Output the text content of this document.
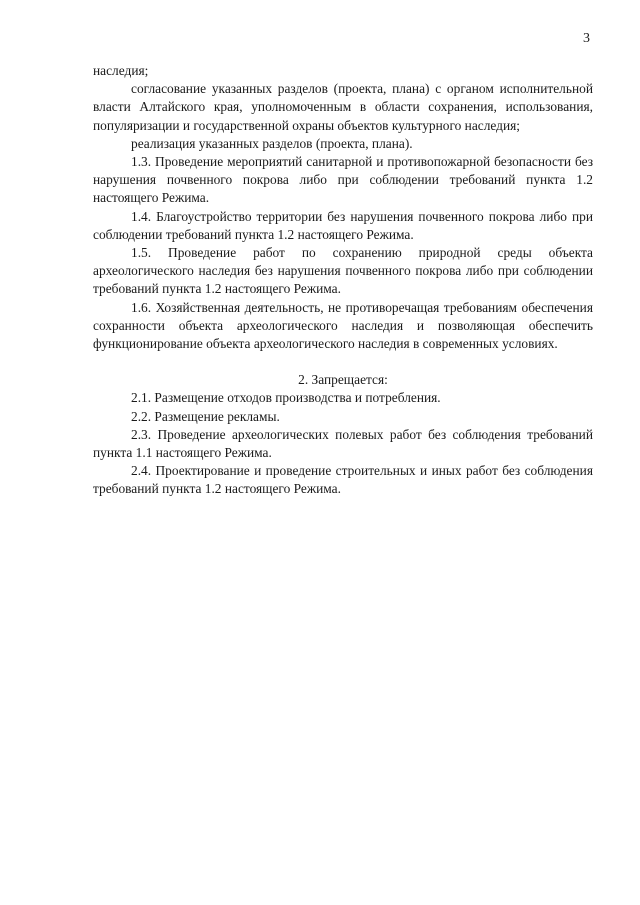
3

наследия;

согласование указанных разделов (проекта, плана) с органом исполнительной власти Алтайского края, уполномоченным в области сохранения, использования, популяризации и государственной охраны объектов культурного наследия;

реализация указанных разделов (проекта, плана).

1.3. Проведение мероприятий санитарной и противопожарной безопасности без нарушения почвенного покрова либо при соблюдении требований пункта 1.2 настоящего Режима.

1.4. Благоустройство территории без нарушения почвенного покрова либо при соблюдении требований пункта 1.2 настоящего Режима.

1.5. Проведение работ по сохранению природной среды объекта археологического наследия без нарушения почвенного покрова либо при соблюдении требований пункта 1.2 настоящего Режима.

1.6. Хозяйственная деятельность, не противоречащая требованиям обеспечения сохранности объекта археологического наследия и позволяющая обеспечить функционирование объекта археологического наследия в современных условиях.

2. Запрещается:

2.1. Размещение отходов производства и потребления.

2.2. Размещение рекламы.

2.3. Проведение археологических полевых работ без соблюдения требований пункта 1.1 настоящего Режима.

2.4. Проектирование и проведение строительных и иных работ без соблюдения требований пункта 1.2 настоящего Режима.
